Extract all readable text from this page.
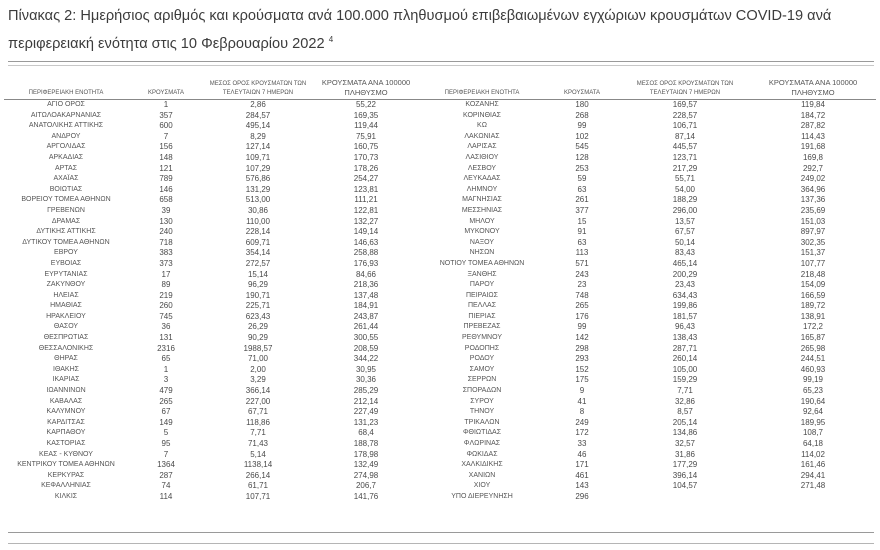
Πίνακας 2: Ημερήσιος αριθμός και κρούσματα ανά 100.000 πληθυσμού επιβεβαιωμένων εγχώριων κρουσμάτων COVID-19 ανά περιφερειακή ενότητα στις 10 Φεβρουαρίου 2022 $^4$
ΠΕΡΙΦΕΡΕΙΑΚΗ ΕΝΟΤΗΤΑ	ΚΡΟΥΣΜΑΤΑ	ΜΕΣΟΣ ΟΡΟΣ ΚΡΟΥΣΜΑΤΩΝ ΤΩΝ ΤΕΛΕΥΤΑΙΩΝ 7 ΗΜΕΡΩΝ	ΚΡΟΥΣΜΑΤΑ ΑΝΑ 100000 ΠΛΗΘΥΣΜΟ	ΠΕΡΙΦΕΡΕΙΑΚΗ ΕΝΟΤΗΤΑ	ΚΡΟΥΣΜΑΤΑ	ΜΕΣΟΣ ΟΡΟΣ ΚΡΟΥΣΜΑΤΩΝ ΤΩΝ ΤΕΛΕΥΤΑΙΩΝ 7 ΗΜΕΡΩΝ	ΚΡΟΥΣΜΑΤΑ ΑΝΑ 100000 ΠΛΗΘΥΣΜΟ
ΑΓΙΟ ΟΡΟΣ	1	2,86	55,22	ΚΟΖΑΝΗΣ	180	169,57	119,84
ΑΙΤΩΛΟΑΚΑΡΝΑΝΙΑΣ	357	284,57	169,35	ΚΟΡΙΝΘΙΑΣ	268	228,57	184,72
ΑΝΑΤΟΛΙΚΗΣ ΑΤΤΙΚΗΣ	600	495,14	119,44	ΚΩ	99	106,71	287,82
ΑΝΔΡΟΥ	7	8,29	75,91	ΛΑΚΩΝΙΑΣ	102	87,14	114,43
ΑΡΓΟΛΙΔΑΣ	156	127,14	160,75	ΛΑΡΙΣΑΣ	545	445,57	191,68
ΑΡΚΑΔΙΑΣ	148	109,71	170,73	ΛΑΣΙΘΙΟΥ	128	123,71	169,8
ΑΡΤΑΣ	121	107,29	178,26	ΛΕΣΒΟΥ	253	217,29	292,7
ΑΧΑΪΑΣ	789	576,86	254,27	ΛΕΥΚΑΔΑΣ	59	55,71	249,02
ΒΟΙΩΤΙΑΣ	146	131,29	123,81	ΛΗΜΝΟΥ	63	54,00	364,96
ΒΟΡΕΙΟΥ ΤΟΜΕΑ ΑΘΗΝΩΝ	658	513,00	111,21	ΜΑΓΝΗΣΙΑΣ	261	188,29	137,36
ΓΡΕΒΕΝΩΝ	39	30,86	122,81	ΜΕΣΣΗΝΙΑΣ	377	296,00	235,69
ΔΡΑΜΑΣ	130	110,00	132,27	ΜΗΛΟΥ	15	13,57	151,03
ΔΥΤΙΚΗΣ ΑΤΤΙΚΗΣ	240	228,14	149,14	ΜΥΚΟΝΟΥ	91	67,57	897,97
ΔΥΤΙΚΟΥ ΤΟΜΕΑ ΑΘΗΝΩΝ	718	609,71	146,63	ΝΑΞΟΥ	63	50,14	302,35
ΕΒΡΟΥ	383	354,14	258,88	ΝΗΣΩΝ	113	83,43	151,37
ΕΥΒΟΙΑΣ	373	272,57	176,93	ΝΟΤΙΟΥ ΤΟΜΕΑ ΑΘΗΝΩΝ	571	465,14	107,77
ΕΥΡΥΤΑΝΙΑΣ	17	15,14	84,66	ΞΑΝΘΗΣ	243	200,29	218,48
ΖΑΚΥΝΘΟΥ	89	96,29	218,36	ΠΑΡΟΥ	23	23,43	154,09
ΗΛΕΙΑΣ	219	190,71	137,48	ΠΕΙΡΑΙΩΣ	748	634,43	166,59
ΗΜΑΘΙΑΣ	260	225,71	184,91	ΠΕΛΛΑΣ	265	199,86	189,72
ΗΡΑΚΛΕΙΟΥ	745	623,43	243,87	ΠΙΕΡΙΑΣ	176	181,57	138,91
ΘΑΣΟΥ	36	26,29	261,44	ΠΡΕΒΕΖΑΣ	99	96,43	172,2
ΘΕΣΠΡΩΤΙΑΣ	131	90,29	300,55	ΡΕΘΥΜΝΟΥ	142	138,43	165,87
ΘΕΣΣΑΛΟΝΙΚΗΣ	2316	1988,57	208,59	ΡΟΔΟΠΗΣ	298	287,71	265,98
ΘΗΡΑΣ	65	71,00	344,22	ΡΟΔΟΥ	293	260,14	244,51
ΙΘΑΚΗΣ	1	2,00	30,95	ΣΑΜΟΥ	152	105,00	460,93
ΙΚΑΡΙΑΣ	3	3,29	30,36	ΣΕΡΡΩΝ	175	159,29	99,19
ΙΩΑΝΝΙΝΩΝ	479	366,14	285,29	ΣΠΟΡΑΔΩΝ	9	7,71	65,23
ΚΑΒΑΛΑΣ	265	227,00	212,14	ΣΥΡΟΥ	41	32,86	190,64
ΚΑΛΥΜΝΟΥ	67	67,71	227,49	ΤΗΝΟΥ	8	8,57	92,64
ΚΑΡΔΙΤΣΑΣ	149	118,86	131,23	ΤΡΙΚΑΛΩΝ	249	205,14	189,95
ΚΑΡΠΑΘΟΥ	5	7,71	68,4	ΦΘΙΩΤΙΔΑΣ	172	134,86	108,7
ΚΑΣΤΟΡΙΑΣ	95	71,43	188,78	ΦΛΩΡΙΝΑΣ	33	32,57	64,18
ΚΕΑΣ - ΚΥΘΝΟΥ	7	5,14	178,98	ΦΩΚΙΔΑΣ	46	31,86	114,02
ΚΕΝΤΡΙΚΟΥ ΤΟΜΕΑ ΑΘΗΝΩΝ	1364	1138,14	132,49	ΧΑΛΚΙΔΙΚΗΣ	171	177,29	161,46
ΚΕΡΚΥΡΑΣ	287	266,14	274,98	ΧΑΝΙΩΝ	461	396,14	294,41
ΚΕΦΑΛΛΗΝΙΑΣ	74	61,71	206,7	ΧΙΟΥ	143	104,57	271,48
ΚΙΛΚΙΣ	114	107,71	141,76	ΥΠΟ ΔΙΕΡΕΥΝΗΣΗ	296		
